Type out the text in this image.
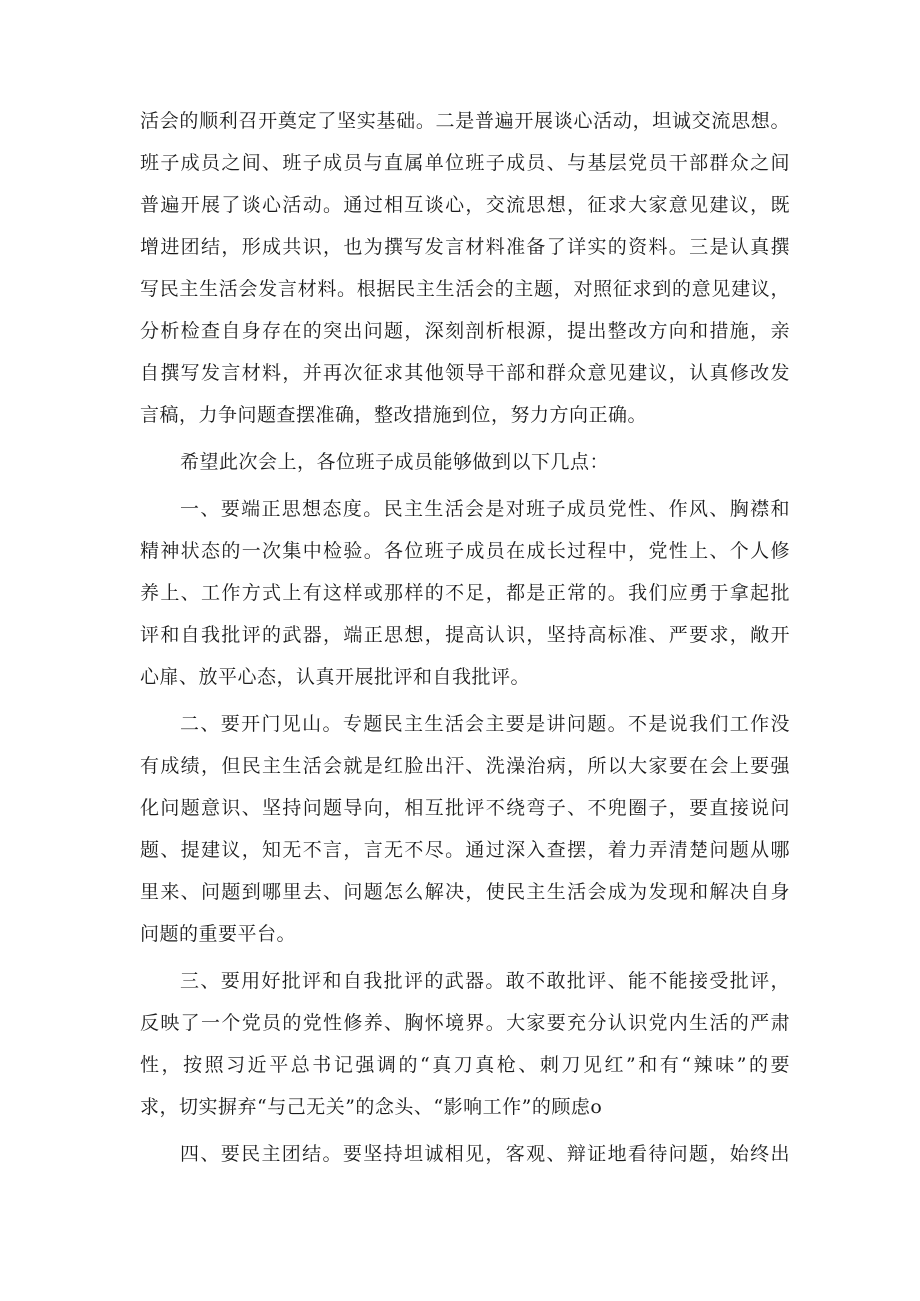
活会的顺利召开奠定了坚实基础。二是普遍开展谈心活动，坦诚交流思想。
班子成员之间、班子成员与直属单位班子成员、与基层党员干部群众之间
普遍开展了谈心活动。通过相互谈心，交流思想，征求大家意见建议，既
增进团结，形成共识，也为撰写发言材料准备了详实的资料。三是认真撰
写民主生活会发言材料。根据民主生活会的主题，对照征求到的意见建议，
分析检查自身存在的突出问题，深刻剖析根源，提出整改方向和措施，亲
自撰写发言材料，并再次征求其他领导干部和群众意见建议，认真修改发
言稿，力争问题查摆准确，整改措施到位，努力方向正确。
希望此次会上，各位班子成员能够做到以下几点：
一、要端正思想态度。民主生活会是对班子成员党性、作风、胸襟和
精神状态的一次集中检验。各位班子成员在成长过程中，党性上、个人修
养上、工作方式上有这样或那样的不足，都是正常的。我们应勇于拿起批
评和自我批评的武器，端正思想，提高认识，坚持高标准、严要求，敞开
心扉、放平心态，认真开展批评和自我批评。
二、要开门见山。专题民主生活会主要是讲问题。不是说我们工作没
有成绩，但民主生活会就是红脸出汗、洗澡治病，所以大家要在会上要强
化问题意识、坚持问题导向，相互批评不绕弯子、不兜圈子，要直接说问
题、提建议，知无不言，言无不尽。通过深入查摆，着力弄清楚问题从哪
里来、问题到哪里去、问题怎么解决，使民主生活会成为发现和解决自身
问题的重要平台。
三、要用好批评和自我批评的武器。敢不敢批评、能不能接受批评，
反映了一个党员的党性修养、胸怀境界。大家要充分认识党内生活的严肃
性，按照习近平总书记强调的“真刀真枪、刺刀见红”和有“辣味”的要
求，切实摒弃“与己无关”的念头、“影响工作”的顾虑o
四、要民主团结。要坚持坦诚相见，客观、辩证地看待问题，始终出
